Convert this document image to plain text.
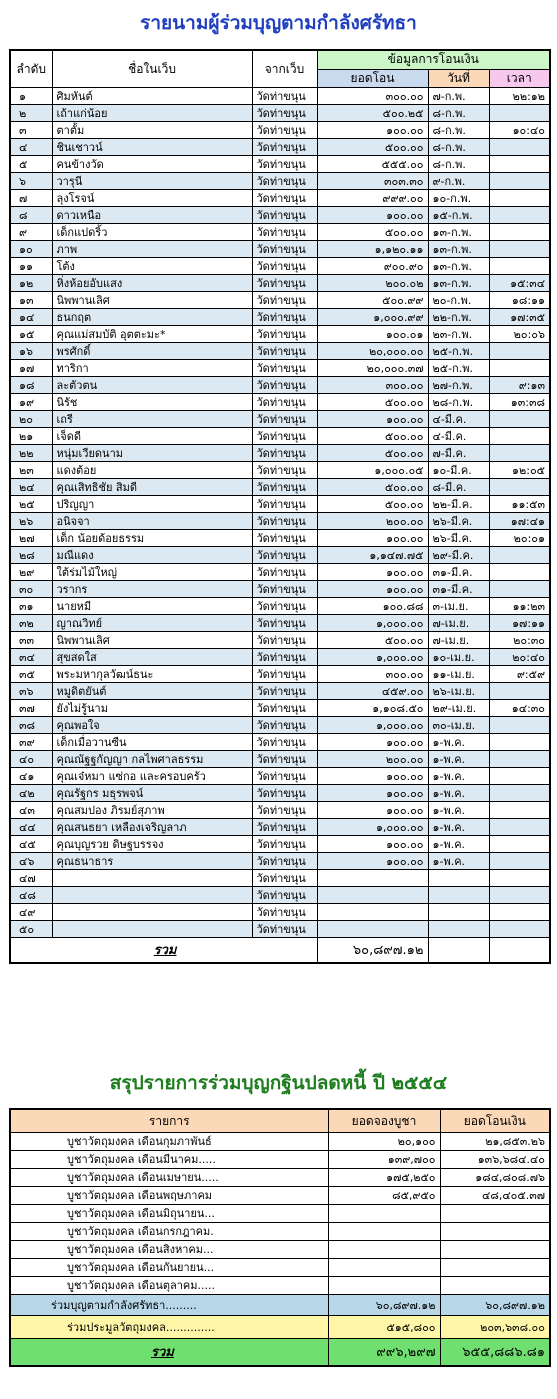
รายนามผู้ร่วมบุญตามกำลังศรัทธา
ลำดับ	ชื่อในเว็บ	จากเว็บ	ข้อมูลการโอนเงิน		
			ยอดโอน	วันที่	เวลา
๑	ศิมหันต์	วัดท่าขนุน	๓๐๐.๐๐	๗-ก.พ.	๒๒:๑๒
๒	เถ้าแก่น้อย	วัดท่าขนุน	๕๐๐.๒๕	๘-ก.พ.	
๓	ตาตั้ม	วัดท่าขนุน	๑๐๐.๐๐	๘-ก.พ.	๑๐:๔๐
๔	ชินเชาวน์	วัดท่าขนุน	๕๐๐.๐๐	๘-ก.พ.	
๕	คนข้างวัด	วัดท่าขนุน	๕๕๕.๐๐	๘-ก.พ.	
๖	วารุนี	วัดท่าขนุน	๓๐๓.๓๐	๙-ก.พ.	
๗	ลุงโรจน์	วัดท่าขนุน	๙๙๙.๐๐	๑๐-ก.พ.	
๘	ดาวเหนือ	วัดท่าขนุน	๑๐๐.๐๐	๑๕-ก.พ.	
๙	เด็กแปดริ้ว	วัดท่าขนุน	๕๐๐.๐๐	๑๓-ก.พ.	
๑๐	ภาพ	วัดท่าขนุน	๑,๑๒๐.๑๑	๑๓-ก.พ.	
๑๑	โต้ง	วัดท่าขนุน	๙๐๐.๙๐	๑๓-ก.พ.	
๑๒	หิ่งห้อยอับแสง	วัดท่าขนุน	๒๐๐.๐๒	๑๓-ก.พ.	๑๕:๓๔
๑๓	นิพพานเลิศ	วัดท่าขนุน	๕๐๐.๙๙	๒๐-ก.พ.	๑๘:๑๑
๑๔	ธนกฤต	วัดท่าขนุน	๑,๐๐๐.๙๙	๒๒-ก.พ.	๑๗:๓๕
๑๕	คุณแม่สมบัติ อุตตะมะ*	วัดท่าขนุน	๑๐๐.๐๑	๒๓-ก.พ.	๒๐:๐๖
๑๖	พรศักดิ์	วัดท่าขนุน	๒๐,๐๐๐.๐๐	๒๕-ก.พ.	
๑๗	ทาริกา	วัดท่าขนุน	๒๐,๐๐๐.๓๗	๒๕-ก.พ.	
๑๘	ละตัวตน	วัดท่าขนุน	๓๐๐.๐๐	๒๗-ก.พ.	๙:๑๓
๑๙	นิรัช	วัดท่าขนุน	๕๐๐.๐๐	๒๘-ก.พ.	๑๓:๓๘
๒๐	เถรี	วัดท่าขนุน	๑๐๐.๐๐	๔-มี.ค.	
๒๑	เจ็ดดี	วัดท่าขนุน	๕๐๐.๐๐	๔-มี.ค.	
๒๒	หนุ่มเวียดนาม	วัดท่าขนุน	๕๐๐.๐๐	๗-มี.ค.	
๒๓	แดงต้อย	วัดท่าขนุน	๑,๐๐๐.๐๕	๑๐-มี.ค.	๑๒:๐๕
๒๔	คุณเสิทธิชัย สิมดี	วัดท่าขนุน	๕๐๐.๐๐	๘-มี.ค.	
๒๕	ปริญญา	วัดท่าขนุน	๕๐๐.๐๐	๒๒-มี.ค.	๑๑:๕๓
๒๖	อนิจจา	วัดท่าขนุน	๒๐๐.๐๐	๒๖-มี.ค.	๑๗:๔๑
๒๗	เด็ก น้อยด้อยธรรม	วัดท่าขนุน	๑๐๐.๐๐	๒๖-มี.ค.	๒๐:๐๑
๒๘	มณีแดง	วัดท่าขนุน	๑,๑๔๗.๗๕	๒๙-มี.ค.	
๒๙	ใต้ร่มไม้ใหญ่	วัดท่าขนุน	๑๐๐.๐๐	๓๑-มี.ค.	
๓๐	วรากร	วัดท่าขนุน	๑๐๐.๐๐	๓๑-มี.ค.	
๓๑	นายหมี	วัดท่าขนุน	๑๐๐.๘๘	๓-เม.ย.	๑๑:๒๓
๓๒	ญาณวิทย์	วัดท่าขนุน	๑,๐๐๐.๐๐	๗-เม.ย.	๑๗:๑๑
๓๓	นิพพานเลิศ	วัดท่าขนุน	๕๐๐.๐๐	๗-เม.ย.	๒๐:๓๐
๓๔	สุขสดใส	วัดท่าขนุน	๑,๐๐๐.๐๐	๑๐-เม.ย.	๒๐:๔๐
๓๕	พระมหากุลวัฒน์ธนะ	วัดท่าขนุน	๓๐๐.๐๐	๑๑-เม.ย.	๙:๕๙
๓๖	หมูดิตยันต์	วัดท่าขนุน	๔๕๙.๐๐	๒๖-เม.ย.	
๓๗	ยังไม่รู้นาม	วัดท่าขนุน	๑,๑๐๘.๕๐	๒๙-เม.ย.	๑๔:๓๐
๓๘	คุณพอใจ	วัดท่าขนุน	๑,๐๐๐.๐๐	๓๐-เม.ย.	
๓๙	เด็กเมื่อวานซืน	วัดท่าขนุน	๑๐๐.๐๐	๑-พ.ค.	
๔๐	คุณณัฐฐกัญญา กลไพศาลธรรม	วัดท่าขนุน	๒๐๐.๐๐	๑-พ.ค.	
๔๑	คุณเจ๋หมา แซ่กอ และครอบครัว	วัดท่าขนุน	๑๐๐.๐๐	๑-พ.ค.	
๔๒	คุณรัฐกร มธุรพจน์	วัดท่าขนุน	๑๐๐.๐๐	๑-พ.ค.	
๔๓	คุณสมปอง ภิรมย์สุภาพ	วัดท่าขนุน	๑๐๐.๐๐	๑-พ.ค.	
๔๔	คุณสนธยา เหลืองเจริญลาภ	วัดท่าขนุน	๑,๐๐๐.๐๐	๑-พ.ค.	
๔๕	คุณบุญรวย ดิษฐบรรจง	วัดท่าขนุน	๑๐๐.๐๐	๑-พ.ค.	
๔๖	คุณธนาธาร	วัดท่าขนุน	๑๐๐.๐๐	๑-พ.ค.	
๔๗		วัดท่าขนุน			
๔๘		วัดท่าขนุน			
๔๙		วัดท่าขนุน			
๕๐		วัดท่าขนุน			
รวม			๖๐,๘๙๗.๑๒		
สรุปรายการร่วมบุญกฐินปลดหนี้ ปี ๒๕๕๔
รายการ	ยอดจองบูชา	ยอดโอนเงิน
บูชาวัตถุมงคล เดือนกุมภาพันธ์	๒๐,๑๐๐	๒๑,๘๕๓.๒๖
บูชาวัตถุมงคล เดือนมีนาคม.....	๑๓๙,๗๐๐	๑๓๖,๖๘๔.๔๐
บูชาวัตถุมงคล เดือนเมษายน.....	๑๗๕,๒๕๐	๑๘๔,๘๐๘.๗๖
บูชาวัตถุมงคล เดือนพฤษภาคม	๘๕,๙๕๐	๔๘,๔๐๕.๓๗
บูชาวัตถุมงคล เดือนมิถุนายน...		
บูชาวัตถุมงคล เดือนกรกฎาคม.		
บูชาวัตถุมงคล เดือนสิงหาคม...		
บูชาวัตถุมงคล เดือนกันยายน...		
บูชาวัตถุมงคล เดือนตุลาคม.....		
ร่วมบุญตามกำลังศรัทธา.........	๖๐,๘๙๗.๑๒	๖๐,๘๙๗.๑๒
ร่วมประมูลวัตถุมงคล..............	๕๑๕,๘๐๐	๒๐๓,๖๓๘.๐๐
รวม	๙๙๖,๒๙๗	๖๕๕,๘๘๖.๘๑
